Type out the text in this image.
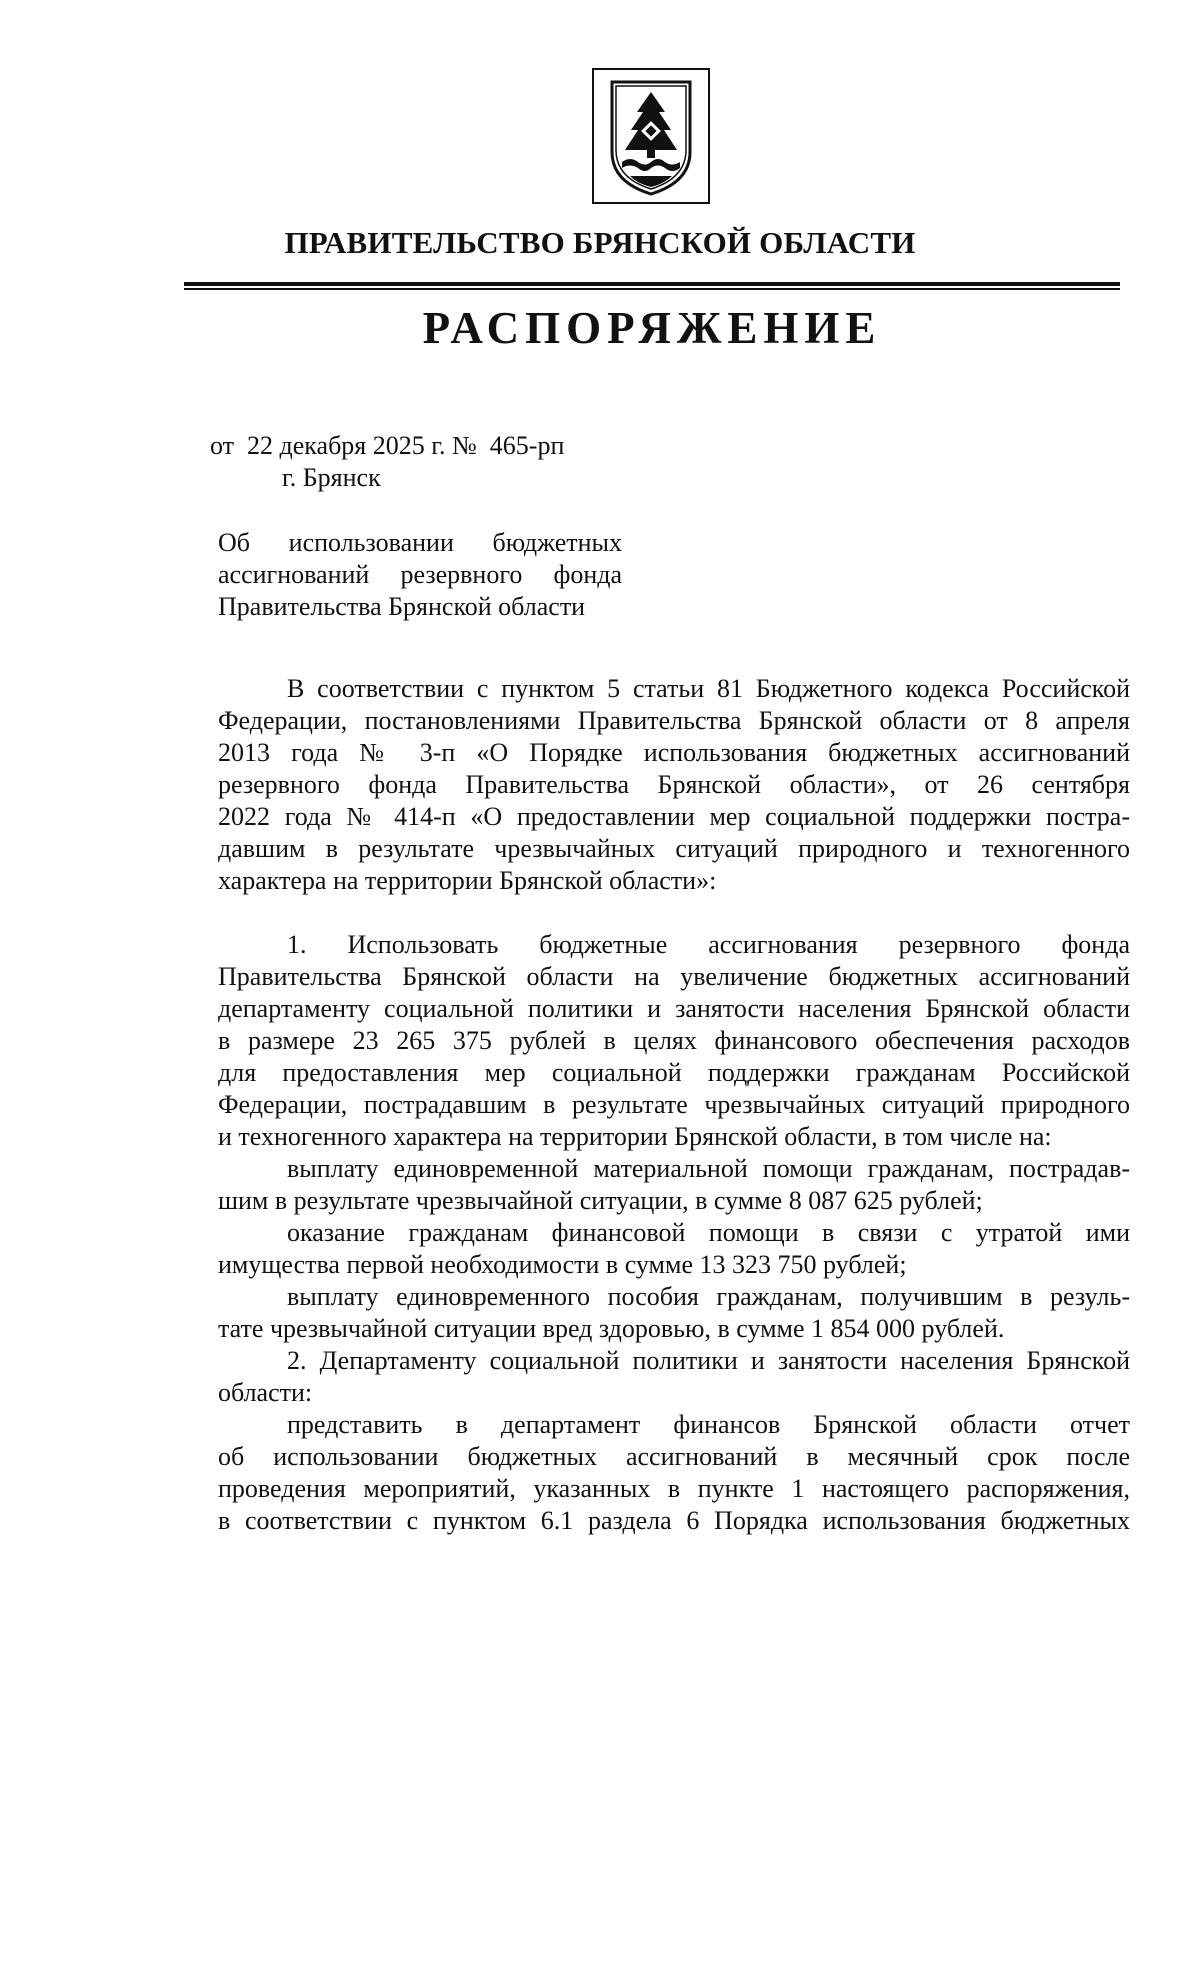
ПРАВИТЕЛЬСТВО БРЯНСКОЙ ОБЛАСТИ
РАСПОРЯЖЕНИЕ
от  22 декабря 2025 г. №  465-рп
г. Брянск
Об использовании бюджетных
ассигнований резервного фонда
Правительства Брянской области
В соответствии с пунктом 5 статьи 81 Бюджетного кодекса Российской
Федерации, постановлениями Правительства Брянской области от 8 апреля
2013 года № 3-п «О Порядке использования бюджетных ассигнований
резервного фонда Правительства Брянской области», от 26 сентября
2022 года № 414-п «О предоставлении мер социальной поддержки постра-
давшим в результате чрезвычайных ситуаций природного и техногенного
характера на территории Брянской области»:
1. Использовать бюджетные ассигнования резервного фонда
Правительства Брянской области на увеличение бюджетных ассигнований
департаменту социальной политики и занятости населения Брянской области
в размере 23 265 375 рублей в целях финансового обеспечения расходов
для предоставления мер социальной поддержки гражданам Российской
Федерации, пострадавшим в результате чрезвычайных ситуаций природного
и техногенного характера на территории Брянской области, в том числе на:
выплату единовременной материальной помощи гражданам, пострадав-
шим в результате чрезвычайной ситуации, в сумме 8 087 625 рублей;
оказание гражданам финансовой помощи в связи с утратой ими
имущества первой необходимости в сумме 13 323 750 рублей;
выплату единовременного пособия гражданам, получившим в резуль-
тате чрезвычайной ситуации вред здоровью, в сумме 1 854 000 рублей.
2. Департаменту социальной политики и занятости населения Брянской
области:
представить в департамент финансов Брянской области отчет
об использовании бюджетных ассигнований в месячный срок после
проведения мероприятий, указанных в пункте 1 настоящего распоряжения,
в соответствии с пунктом 6.1 раздела 6 Порядка использования бюджетных
